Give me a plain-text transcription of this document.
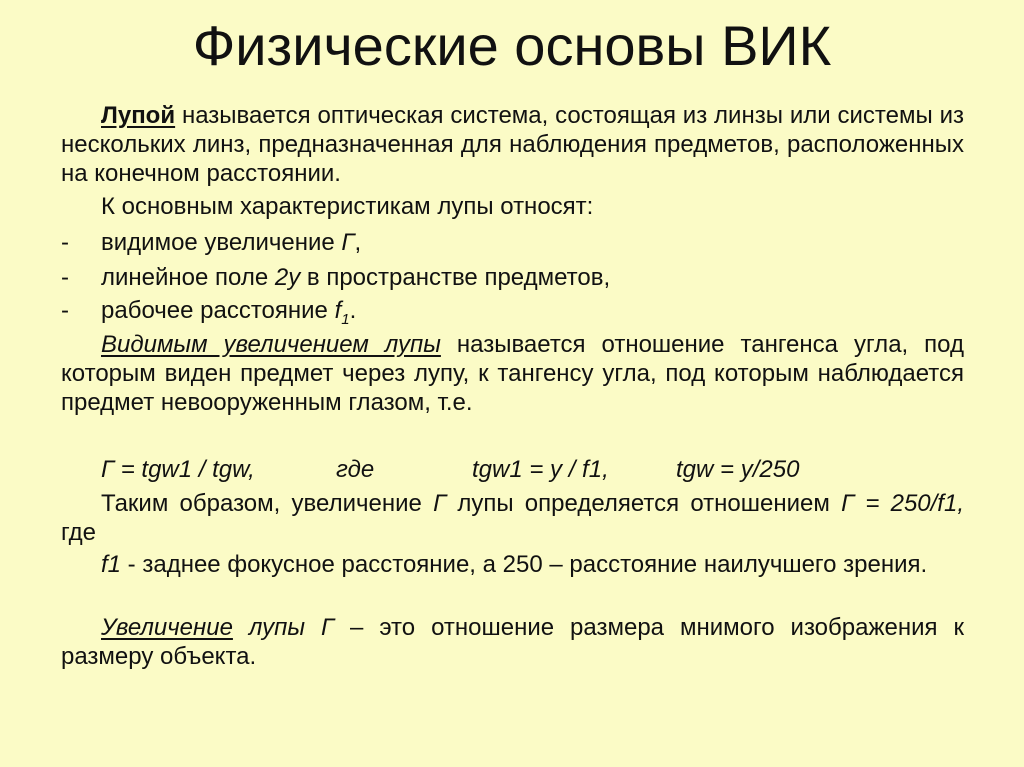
Физические основы ВИК
Лупой называется оптическая система, состоящая из линзы или системы из нескольких линз, предназначенная для наблюдения предметов, расположенных на конечном расстоянии.
К основным характеристикам лупы относят:
- видимое увеличение Г,
- линейное поле 2y в пространстве предметов,
- рабочее расстояние $f_1$.
Видимым увеличением лупы называется отношение тангенса угла, под которым виден предмет через лупу, к тангенсу угла, под которым наблюдается предмет невооруженным глазом, т.е.
Г = tgw1 / tgw,	где	tgw1 = y / f1,	tgw = y/250
Таким образом, увеличение Г лупы определяется отношением Г = 250/f1, где
f1 - заднее фокусное расстояние, а 250 – расстояние наилучшего зрения.
Увеличение лупы Г – это отношение размера мнимого изображения к размеру объекта.
